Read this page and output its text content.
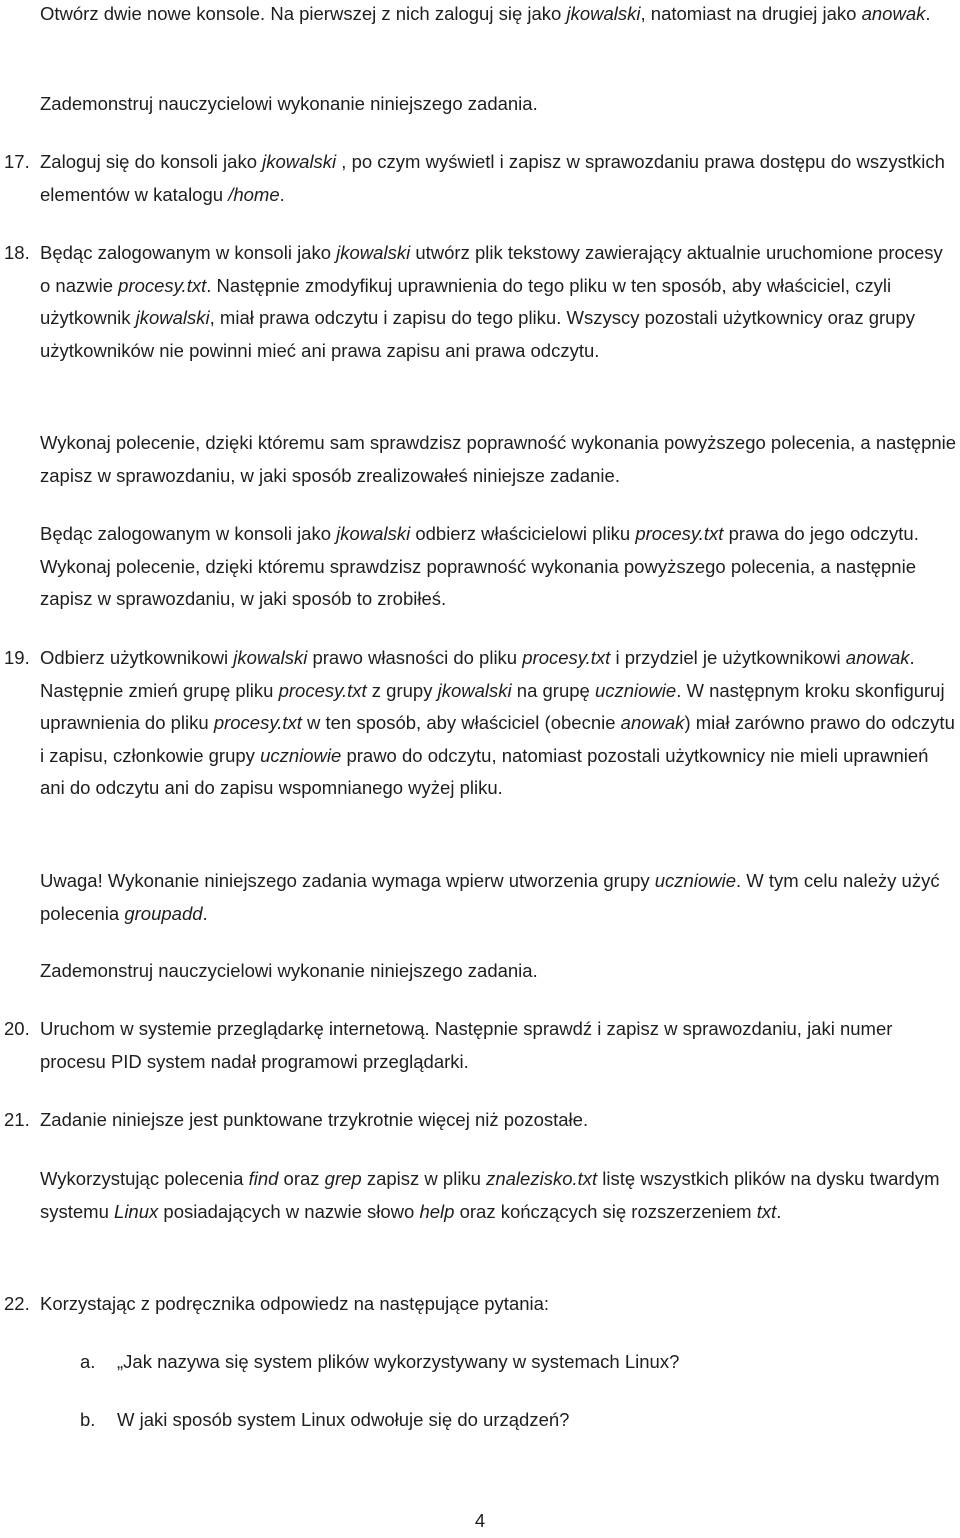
Otwórz dwie nowe konsole. Na pierwszej z nich zaloguj się jako jkowalski, natomiast na drugiej jako anowak.

Zademonstruj nauczycielowi wykonanie niniejszego zadania.

17. Zaloguj się do konsoli jako jkowalski , po czym wyświetl i zapisz w sprawozdaniu prawa dostępu do wszystkich elementów w katalogu /home.

18. Będąc zalogowanym w konsoli jako jkowalski utwórz plik tekstowy zawierający aktualnie uruchomione procesy o nazwie procesy.txt. Następnie zmodyfikuj uprawnienia do tego pliku w ten sposób, aby właściciel, czyli użytkownik jkowalski, miał prawa odczytu i zapisu do tego pliku. Wszyscy pozostali użytkownicy oraz grupy użytkowników nie powinni mieć ani prawa zapisu ani prawa odczytu.

Wykonaj polecenie, dzięki któremu sam sprawdzisz poprawność wykonania powyższego polecenia, a następnie zapisz w sprawozdaniu, w jaki sposób zrealizowałeś niniejsze zadanie.

Będąc zalogowanym w konsoli jako jkowalski odbierz właścicielowi pliku procesy.txt prawa do jego odczytu. Wykonaj polecenie, dzięki któremu sprawdzisz poprawność wykonania powyższego polecenia, a następnie zapisz w sprawozdaniu, w jaki sposób to zrobiłeś.

19. Odbierz użytkownikowi jkowalski prawo własności do pliku procesy.txt i przydziel je użytkownikowi anowak. Następnie zmień grupę pliku procesy.txt z grupy jkowalski na grupę uczniowie. W następnym kroku skonfiguruj uprawnienia do pliku procesy.txt w ten sposób, aby właściciel (obecnie anowak) miał zarówno prawo do odczytu i zapisu, członkowie grupy uczniowie prawo do odczytu, natomiast pozostali użytkownicy nie mieli uprawnień ani do odczytu ani do zapisu wspomnianego wyżej pliku.

Uwaga! Wykonanie niniejszego zadania wymaga wpierw utworzenia grupy uczniowie. W tym celu należy użyć polecenia groupadd.

Zademonstruj nauczycielowi wykonanie niniejszego zadania.

20. Uruchom w systemie przeglądarkę internetową. Następnie sprawdź i zapisz w sprawozdaniu, jaki numer procesu PID system nadał programowi przeglądarki.

21. Zadanie niniejsze jest punktowane trzykrotnie więcej niż pozostałe.

Wykorzystując polecenia find oraz grep zapisz w pliku znalezisko.txt listę wszystkich plików na dysku twardym systemu Linux posiadających w nazwie słowo help oraz kończących się rozszerzeniem txt.

22. Korzystając z podręcznika odpowiedz na następujące pytania:

a. „Jak nazywa się system plików wykorzystywany w systemach Linux?
b. W jaki sposób system Linux odwołuje się do urządzeń?
4
